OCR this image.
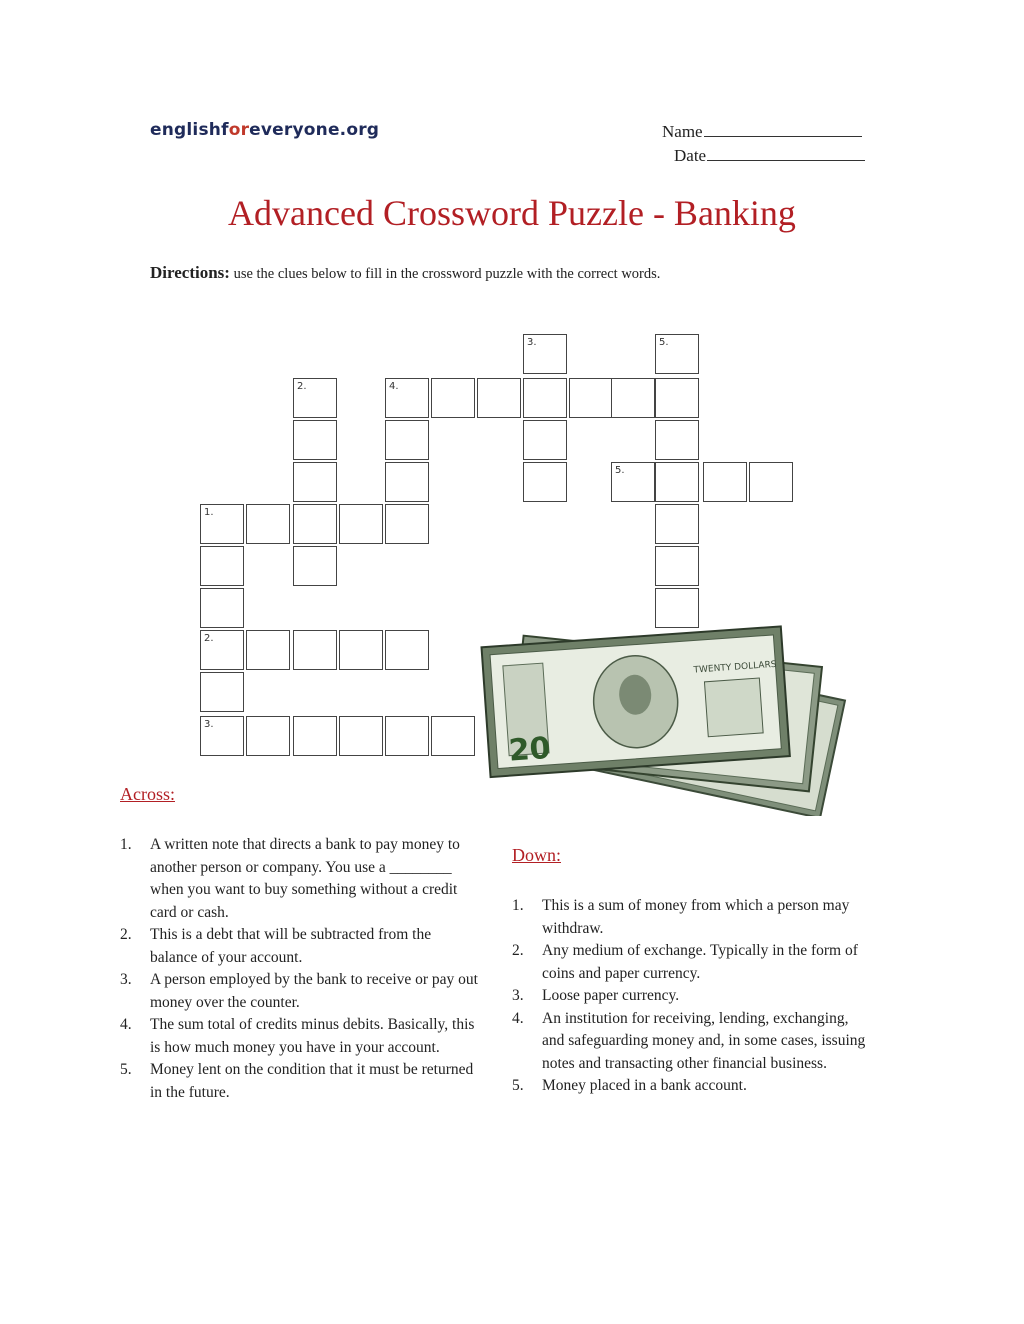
englishforeveryone.org	Name
Date
Advanced Crossword Puzzle - Banking
Directions: use the clues below to fill in the crossword puzzle with the correct words.
3.	5.
2.	4.
5.
1.
2.
3.
20
TWENTY DOLLARS
Across:
1. A written note that directs a bank to pay money to another person or company. You use a ________ when you want to buy something without a credit card or cash.
2. This is a debt that will be subtracted from the balance of your account.
3. A person employed by the bank to receive or pay out money over the counter.
4. The sum total of credits minus debits. Basically, this is how much money you have in your account.
5. Money lent on the condition that it must be returned in the future.
Down:
1. This is a sum of money from which a person may withdraw.
2. Any medium of exchange. Typically in the form of coins and paper currency.
3. Loose paper currency.
4. An institution for receiving, lending, exchanging, and safeguarding money and, in some cases, issuing notes and transacting other financial business.
5. Money placed in a bank account.
